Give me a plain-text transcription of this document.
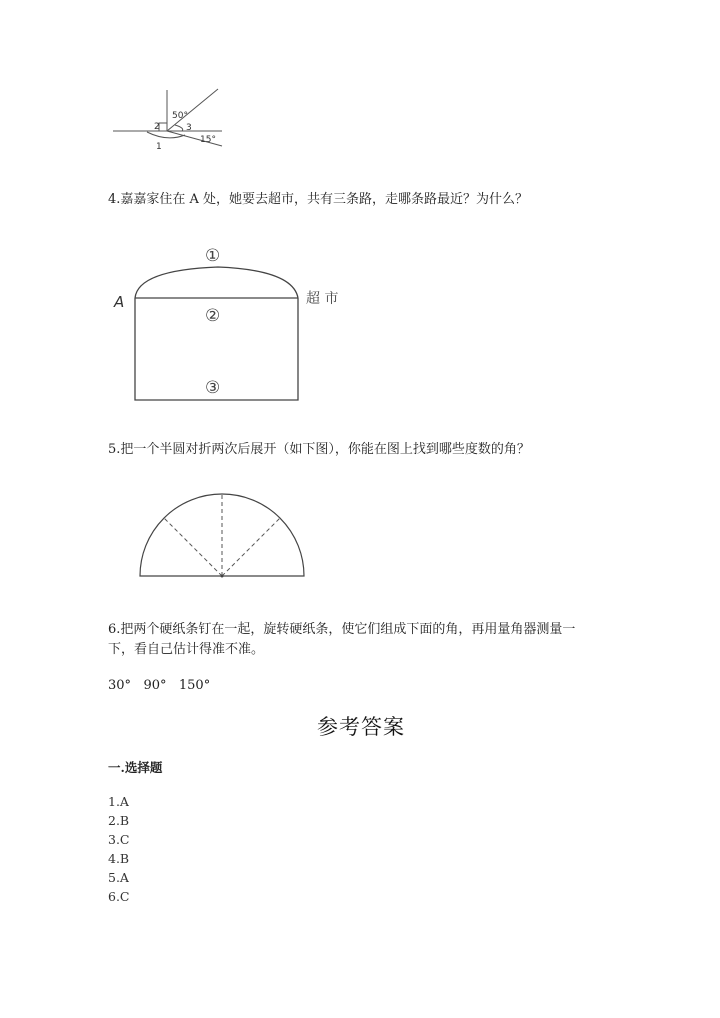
50°
15°
2	3
1
4.嘉嘉家住在 A 处，她要去超市，共有三条路，走哪条路最近？为什么？
A	超 市
①
②
③
5.把一个半圆对折两次后展开（如下图），你能在图上找到哪些度数的角？
6.把两个硬纸条钉在一起，旋转硬纸条，使它们组成下面的角，再用量角器测量一下，看自己估计得准不准。
30°   90°   150°
参考答案
一.选择题
1.A
2.B
3.C
4.B
5.A
6.C
